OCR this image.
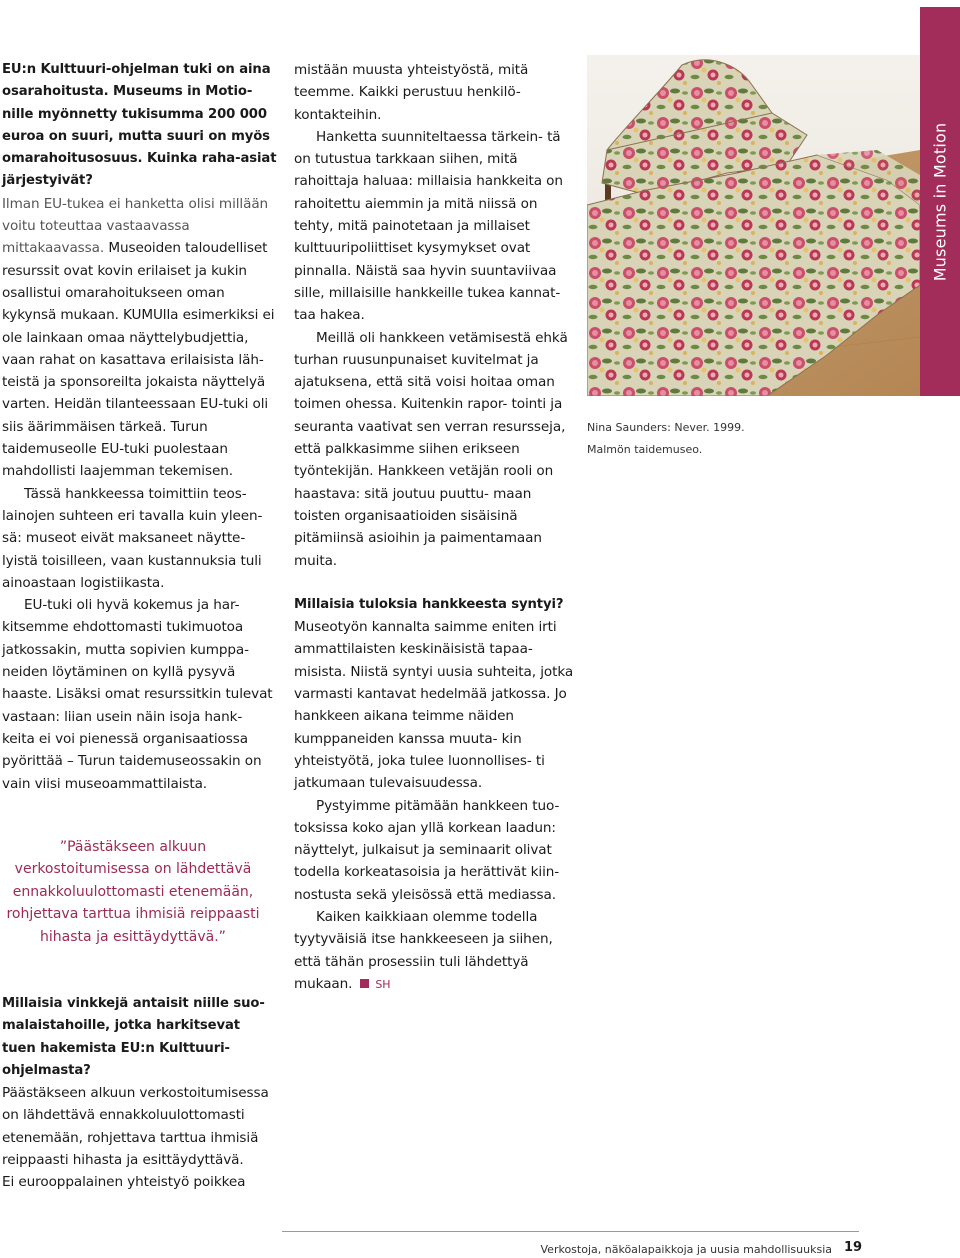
EU:n Kulttuuri-ohjelman tuki on aina osarahoitusta. Museums in Motio- nille myönnetty tukisumma 200 000 euroa on suuri, mutta suuri on myös omarahoitusosuus. Kuinka raha-asiat järjestyivät?

Ilman EU-tukea ei hanketta olisi millään voitu toteuttaa vastaavassa mittakaavassa. Museoiden taloudelliset resurssit ovat kovin erilaiset ja kukin osallistui omarahoitukseen oman kykynsä mukaan. KUMUlla esimerkiksi ei ole lainkaan omaa näyttelybudjettia, vaan rahat on kasattava erilaisista läh- teistä ja sponsoreilta jokaista näyttelyä varten. Heidän tilanteessaan EU-tuki oli siis äärimmäisen tärkeä. Turun taidemuseolle EU-tuki puolestaan mahdollisti laajemman tekemisen.

Tässä hankkeessa toimittiin teos- lainojen suhteen eri tavalla kuin yleen- sä: museot eivät maksaneet näytte- lyistä toisilleen, vaan kustannuksia tuli ainoastaan logistiikasta.

EU-tuki oli hyvä kokemus ja har- kitsemme ehdottomasti tukimuotoa jatkossakin, mutta sopivien kumppa- neiden löytäminen on kyllä pysyvä haaste. Lisäksi omat resurssitkin tulevat vastaan: liian usein näin isoja hank- keita ei voi pienessä organisaatiossa pyörittää – Turun taidemuseossakin on vain viisi museoammattilaista.

”Päästäkseen alkuun verkostoitumisessa on lähdettävä ennakkoluulottomasti etenemään, rohjettava tarttua ihmisiä reippaasti hihasta ja esittäydyttävä.”

Millaisia vinkkejä antaisit niille suo- malaistahoille, jotka harkitsevat tuen hakemista EU:n Kulttuuri-ohjelmasta?

Päästäkseen alkuun verkostoitumisessa on lähdettävä ennakkoluulottomasti etenemään, rohjettava tarttua ihmisiä reippaasti hihasta ja esittäydyttävä.

Ei eurooppalainen yhteistyö poikkea

mistään muusta yhteistyöstä, mitä teemme. Kaikki perustuu henkilö- kontakteihin.

Hanketta suunniteltaessa tärkein- tä on tutustua tarkkaan siihen, mitä rahoittaja haluaa: millaisia hankkeita on rahoitettu aiemmin ja mitä niissä on tehty, mitä painotetaan ja millaiset kulttuuripoliittiset kysymykset ovat pinnalla. Näistä saa hyvin suuntaviivaa sille, millaisille hankkeille tukea kannat- taa hakea.

Meillä oli hankkeen vetämisestä ehkä turhan ruusunpunaiset kuvitelmat ja ajatuksena, että sitä voisi hoitaa oman toimen ohessa. Kuitenkin rapor- tointi ja seuranta vaativat sen verran resursseja, että palkkasimme siihen erikseen työntekijän. Hankkeen vetäjän rooli on haastava: sitä joutuu puuttu- maan toisten organisaatioiden sisäisinä pitämiinsä asioihin ja paimentamaan muita.

Millaisia tuloksia hankkeesta syntyi?

Museotyön kannalta saimme eniten irti ammattilaisten keskinäisistä tapaa- misista. Niistä syntyi uusia suhteita, jotka varmasti kantavat hedelmää jatkossa. Jo hankkeen aikana teimme näiden kumppaneiden kanssa muuta- kin yhteistyötä, joka tulee luonnollises- ti jatkumaan tulevaisuudessa.

Pystyimme pitämään hankkeen tuo- toksissa koko ajan yllä korkean laadun: näyttelyt, julkaisut ja seminaarit olivat todella korkeatasoisia ja herättivät kiin- nostusta sekä yleisössä että mediassa.

Kaiken kaikkiaan olemme todella tyytyväisiä itse hankkeeseen ja siihen, että tähän prosessiin tuli lähdettyä mukaan. SH

Nina Saunders: Never. 1999.
Malmön taidemuseo.
Museums in Motion
Verkostoja, näköalapaikkoja ja uusia mahdollisuuksia 19
